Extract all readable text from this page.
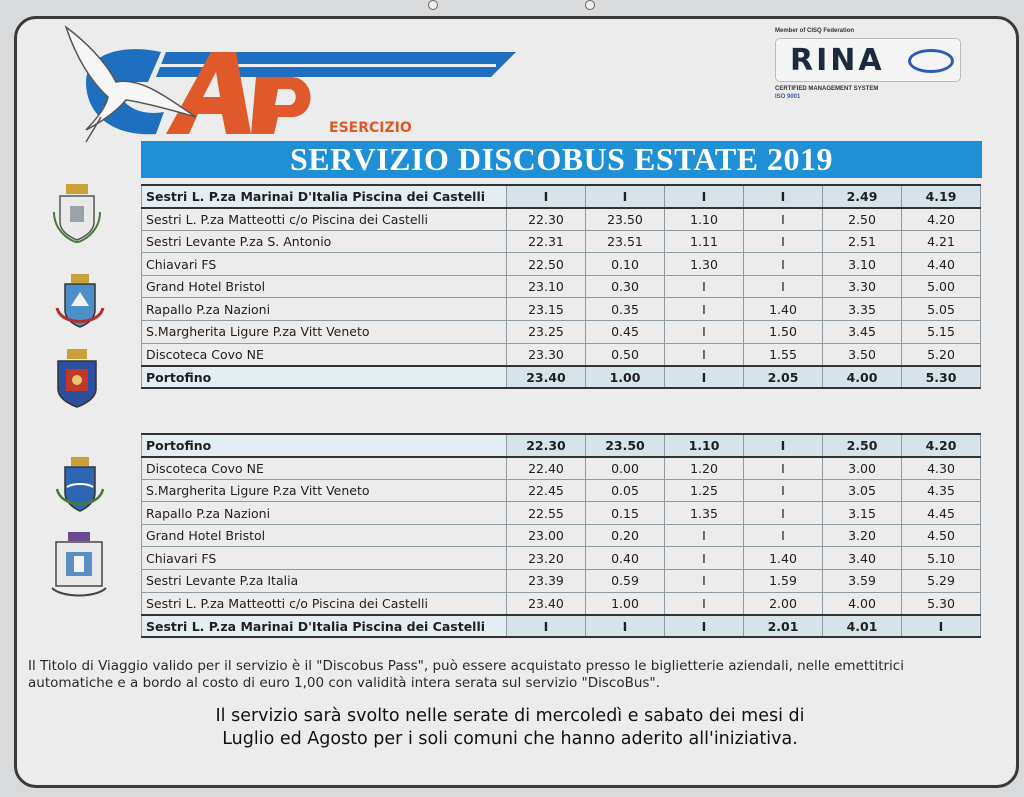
ESERCIZIO
Member of CISQ Federation
RINA
CERTIFIED MANAGEMENT SYSTEM
ISO 9001
SERVIZIO DISCOBUS ESTATE 2019
Sestri L. P.za Marinai D'Italia Piscina dei Castelli	I	I	I	I	2.49	4.19
Sestri L. P.za Matteotti c/o Piscina dei Castelli	22.30	23.50	1.10	I	2.50	4.20
Sestri Levante P.za S. Antonio	22.31	23.51	1.11	I	2.51	4.21
Chiavari FS	22.50	0.10	1.30	I	3.10	4.40
Grand Hotel Bristol	23.10	0.30	I	I	3.30	5.00
Rapallo P.za Nazioni	23.15	0.35	I	1.40	3.35	5.05
S.Margherita Ligure P.za Vitt Veneto	23.25	0.45	I	1.50	3.45	5.15
Discoteca Covo NE	23.30	0.50	I	1.55	3.50	5.20
Portofino	23.40	1.00	I	2.05	4.00	5.30
Portofino	22.30	23.50	1.10	I	2.50	4.20
Discoteca Covo NE	22.40	0.00	1.20	I	3.00	4.30
S.Margherita Ligure P.za Vitt Veneto	22.45	0.05	1.25	I	3.05	4.35
Rapallo P.za Nazioni	22.55	0.15	1.35	I	3.15	4.45
Grand Hotel Bristol	23.00	0.20	I	I	3.20	4.50
Chiavari FS	23.20	0.40	I	1.40	3.40	5.10
Sestri Levante P.za Italia	23.39	0.59	I	1.59	3.59	5.29
Sestri L. P.za Matteotti c/o Piscina dei Castelli	23.40	1.00	I	2.00	4.00	5.30
Sestri L. P.za Marinai D'Italia Piscina dei Castelli	I	I	I	2.01	4.01	I
Il Titolo di Viaggio valido per il servizio è il "Discobus Pass", può essere acquistato presso le biglietterie aziendali, nelle emettitrici automatiche e a bordo al costo di euro 1,00 con validità intera serata sul servizio "DiscoBus".
Il servizio sarà svolto nelle serate di mercoledì e sabato dei mesi di
Luglio ed Agosto per i soli comuni che hanno aderito all'iniziativa.
